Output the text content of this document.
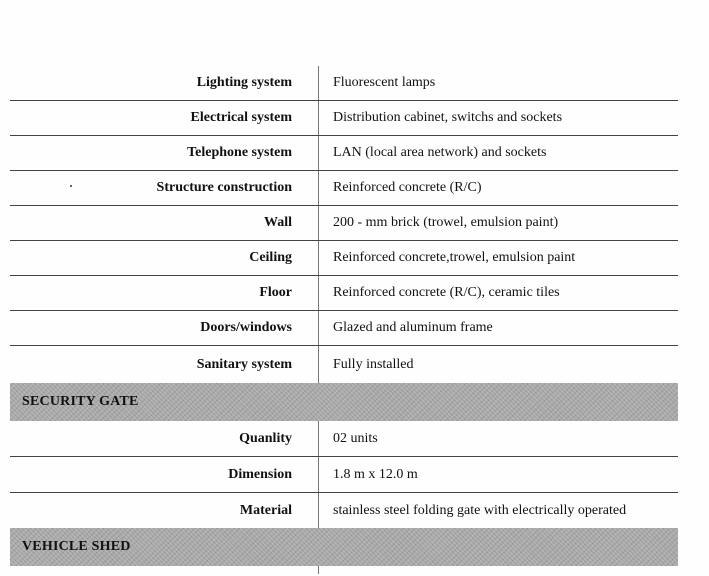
Lighting system	Fluorescent lamps
Electrical system	Distribution cabinet, switchs and sockets
Telephone system	LAN (local area network) and sockets
Structure construction	Reinforced concrete (R/C)
Wall	200 - mm brick (trowel, emulsion paint)
Ceiling	Reinforced concrete,trowel, emulsion paint
Floor	Reinforced concrete (R/C), ceramic tiles
Doors/windows	Glazed and aluminum frame
Sanitary system	Fully installed
SECURITY GATE
Quanlity	02 units
Dimension	1.8 m x 12.0 m
Material	stainless steel folding gate with electrically operated
VEHICLE SHED
